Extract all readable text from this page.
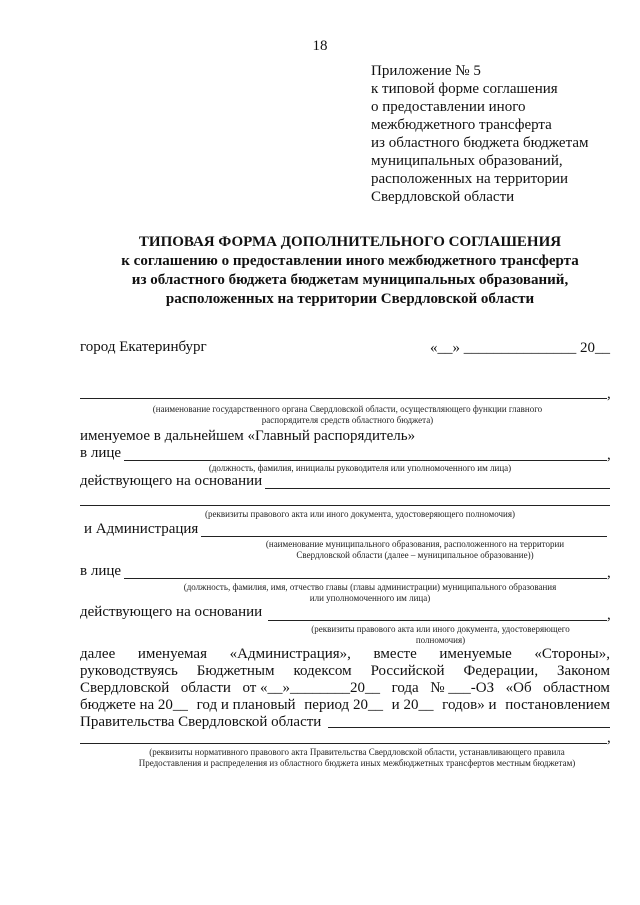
18
Приложение № 5
к типовой форме соглашения
о предоставлении иного
межбюджетного трансферта
из областного бюджета бюджетам
муниципальных образований,
расположенных на территории
Свердловской области
ТИПОВАЯ ФОРМА ДОПОЛНИТЕЛЬНОГО СОГЛАШЕНИЯ
к соглашению о предоставлении иного межбюджетного трансферта
из областного бюджета бюджетам муниципальных образований,
расположенных на территории Свердловской области
город Екатеринбург	«__» _______________ 20__
,
(наименование государственного органа Свердловской области, осуществляющего функции главного
распорядителя средств областного бюджета)
именуемое в дальнейшем «Главный распорядитель»
в лице	,
(должность, фамилия, инициалы руководителя или уполномоченного им лица)
действующего на основании
(реквизиты правового акта или иного документа, удостоверяющего полномочия)
и Администрация
(наименование муниципального образования, расположенного на территории
Свердловской области (далее – муниципальное образование))
в лице	,
(должность, фамилия, имя, отчество главы (главы администрации) муниципального образования
или уполномоченного им лица)
действующего на основании	,
(реквизиты правового акта или иного документа, удостоверяющего
полномочия)
далее именуемая «Администрация», вместе именуемые «Стороны»,
руководствуясь Бюджетным кодексом Российской Федерации, Законом
Свердловской области от «__»________20__ года № ___-ОЗ «Об областном
бюджете на 20__ год и плановый период 20__ и 20__ годов» и постановлением
Правительства Свердловской области
,
(реквизиты нормативного правового акта Правительства Свердловской области, устанавливающего правила
Предоставления и распределения из областного бюджета иных межбюджетных трансфертов местным бюджетам)
